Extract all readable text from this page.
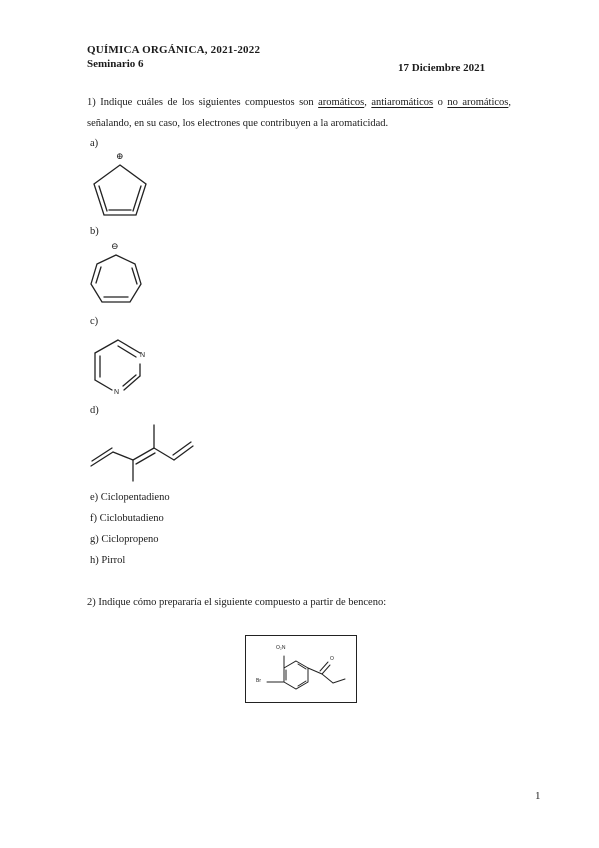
QUÍMICA ORGÁNICA, 2021-2022
Seminario 6	17 Diciembre 2021
1) Indique cuáles de los siguientes compuestos son aromáticos, antiaromáticos o no aromáticos, señalando, en su caso, los electrones que contribuyen a la aromaticidad.
a)
⊕
b)
⊖
c)
N
N
d)
e) Ciclopentadieno
f) Ciclobutadieno
g) Ciclopropeno
h) Pirrol
2) Indique cómo prepararía el siguiente compuesto a partir de benceno:
O₂N
Br
O
1
